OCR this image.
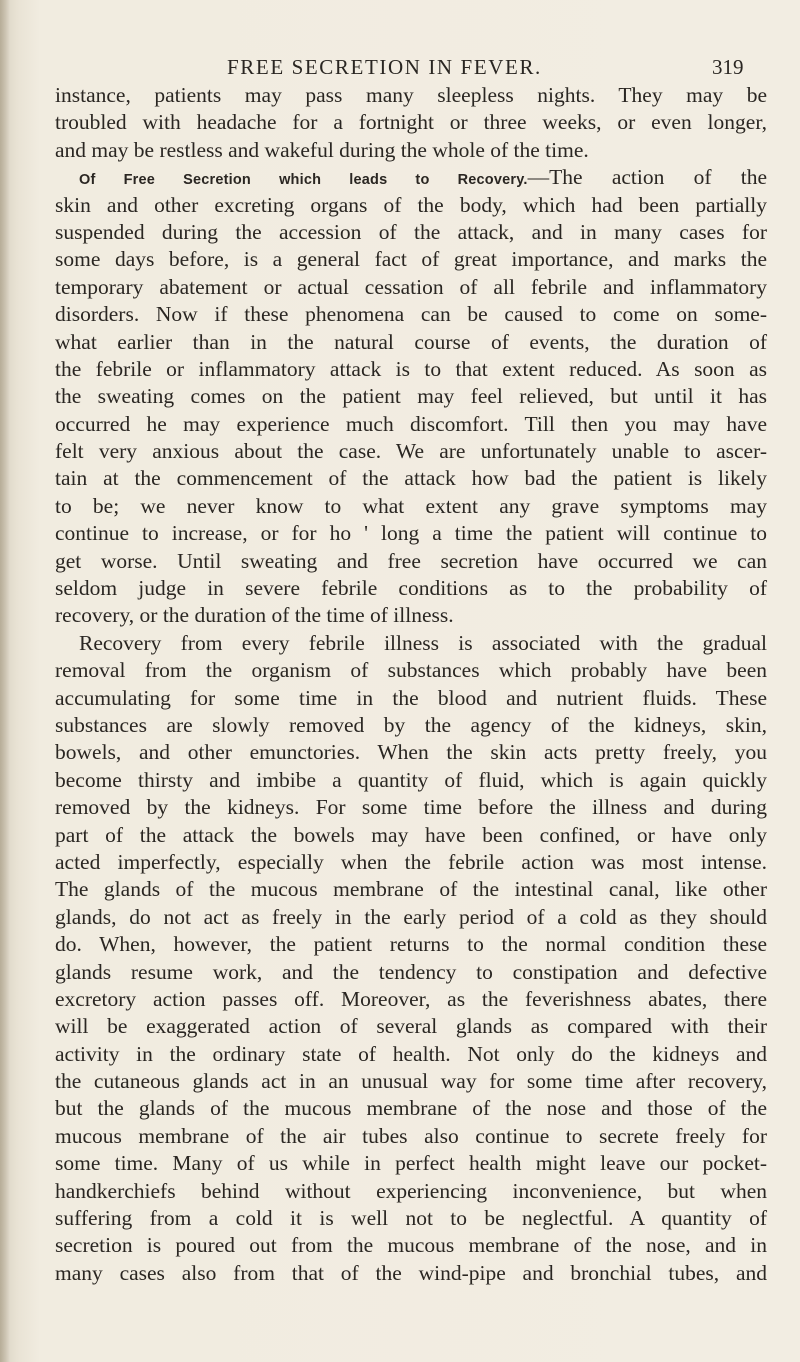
FREE SECRETION IN FEVER.	319
instance, patients may pass many sleepless nights. They may be
troubled with headache for a fortnight or three weeks, or even longer,
and may be restless and wakeful during the whole of the time.
Of Free Secretion which leads to Recovery.—The action of the
skin and other excreting organs of the body, which had been partially
suspended during the accession of the attack, and in many cases for
some days before, is a general fact of great importance, and marks the
temporary abatement or actual cessation of all febrile and inflammatory
disorders. Now if these phenomena can be caused to come on some-
what earlier than in the natural course of events, the duration of
the febrile or inflammatory attack is to that extent reduced. As soon as
the sweating comes on the patient may feel relieved, but until it has
occurred he may experience much discomfort. Till then you may have
felt very anxious about the case. We are unfortunately unable to ascer-
tain at the commencement of the attack how bad the patient is likely
to be; we never know to what extent any grave symptoms may
continue to increase, or for ho ' long a time the patient will continue to
get worse. Until sweating and free secretion have occurred we can
seldom judge in severe febrile conditions as to the probability of
recovery, or the duration of the time of illness.
Recovery from every febrile illness is associated with the gradual
removal from the organism of substances which probably have been
accumulating for some time in the blood and nutrient fluids. These
substances are slowly removed by the agency of the kidneys, skin,
bowels, and other emunctories. When the skin acts pretty freely, you
become thirsty and imbibe a quantity of fluid, which is again quickly
removed by the kidneys. For some time before the illness and during
part of the attack the bowels may have been confined, or have only
acted imperfectly, especially when the febrile action was most intense.
The glands of the mucous membrane of the intestinal canal, like other
glands, do not act as freely in the early period of a cold as they should
do. When, however, the patient returns to the normal condition these
glands resume work, and the tendency to constipation and defective
excretory action passes off. Moreover, as the feverishness abates, there
will be exaggerated action of several glands as compared with their
activity in the ordinary state of health. Not only do the kidneys and
the cutaneous glands act in an unusual way for some time after recovery,
but the glands of the mucous membrane of the nose and those of the
mucous membrane of the air tubes also continue to secrete freely for
some time. Many of us while in perfect health might leave our pocket-
handkerchiefs behind without experiencing inconvenience, but when
suffering from a cold it is well not to be neglectful. A quantity of
secretion is poured out from the mucous membrane of the nose, and in
many cases also from that of the wind-pipe and bronchial tubes, and
